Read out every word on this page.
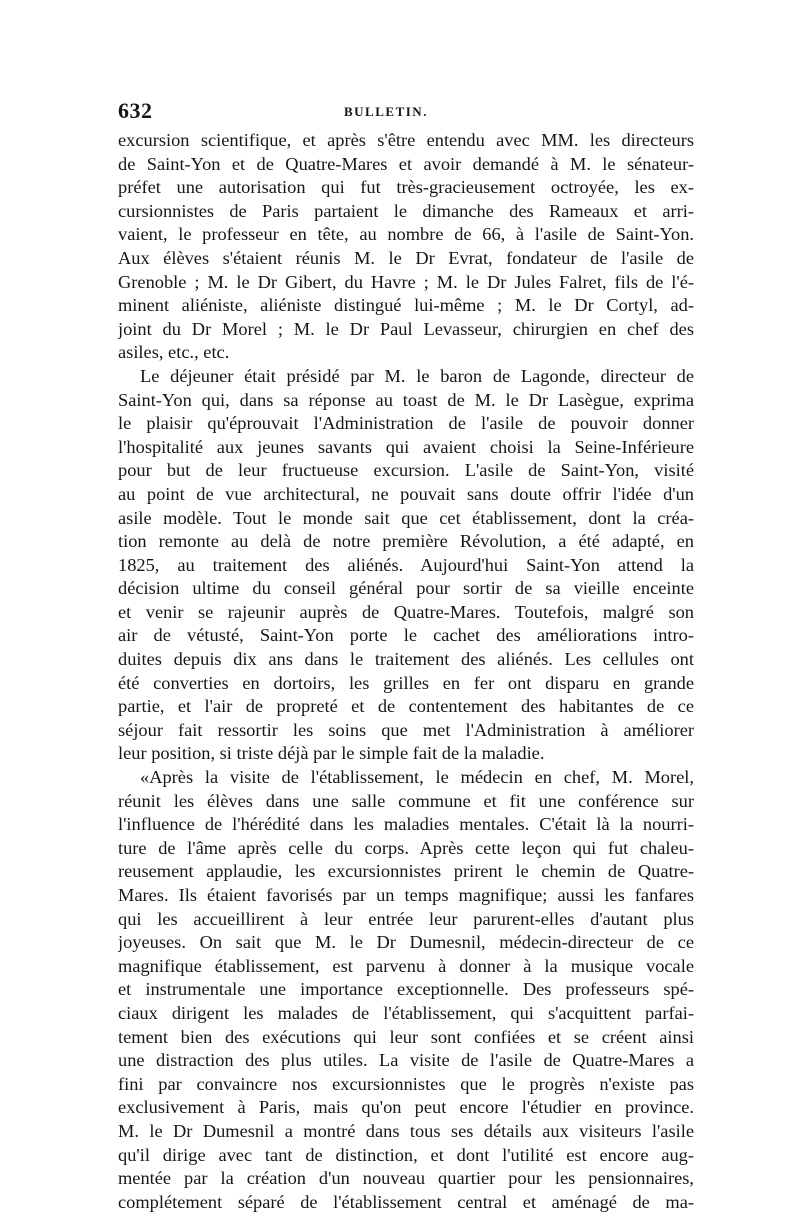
632	BULLETIN.
excursion scientifique, et après s'être entendu avec MM. les directeurs
de Saint-Yon et de Quatre-Mares et avoir demandé à M. le sénateur-
préfet une autorisation qui fut très-gracieusement octroyée, les ex-
cursionnistes de Paris partaient le dimanche des Rameaux et arri-
vaient, le professeur en tête, au nombre de 66, à l'asile de Saint-Yon.
Aux élèves s'étaient réunis M. le Dr Evrat, fondateur de l'asile de
Grenoble ; M. le Dr Gibert, du Havre ; M. le Dr Jules Falret, fils de l'é-
minent aliéniste, aliéniste distingué lui-même ; M. le Dr Cortyl, ad-
joint du Dr Morel ; M. le Dr Paul Levasseur, chirurgien en chef des
asiles, etc., etc.
Le déjeuner était présidé par M. le baron de Lagonde, directeur de
Saint-Yon qui, dans sa réponse au toast de M. le Dr Lasègue, exprima
le plaisir qu'éprouvait l'Administration de l'asile de pouvoir donner
l'hospitalité aux jeunes savants qui avaient choisi la Seine-Inférieure
pour but de leur fructueuse excursion. L'asile de Saint-Yon, visité
au point de vue architectural, ne pouvait sans doute offrir l'idée d'un
asile modèle. Tout le monde sait que cet établissement, dont la créa-
tion remonte au delà de notre première Révolution, a été adapté, en
1825, au traitement des aliénés. Aujourd'hui Saint-Yon attend la
décision ultime du conseil général pour sortir de sa vieille enceinte
et venir se rajeunir auprès de Quatre-Mares. Toutefois, malgré son
air de vétusté, Saint-Yon porte le cachet des améliorations intro-
duites depuis dix ans dans le traitement des aliénés. Les cellules ont
été converties en dortoirs, les grilles en fer ont disparu en grande
partie, et l'air de propreté et de contentement des habitantes de ce
séjour fait ressortir les soins que met l'Administration à améliorer
leur position, si triste déjà par le simple fait de la maladie.
«Après la visite de l'établissement, le médecin en chef, M. Morel,
réunit les élèves dans une salle commune et fit une conférence sur
l'influence de l'hérédité dans les maladies mentales. C'était là la nourri-
ture de l'âme après celle du corps. Après cette leçon qui fut chaleu-
reusement applaudie, les excursionnistes prirent le chemin de Quatre-
Mares. Ils étaient favorisés par un temps magnifique; aussi les fanfares
qui les accueillirent à leur entrée leur parurent-elles d'autant plus
joyeuses. On sait que M. le Dr Dumesnil, médecin-directeur de ce
magnifique établissement, est parvenu à donner à la musique vocale
et instrumentale une importance exceptionnelle. Des professeurs spé-
ciaux dirigent les malades de l'établissement, qui s'acquittent parfai-
tement bien des exécutions qui leur sont confiées et se créent ainsi
une distraction des plus utiles. La visite de l'asile de Quatre-Mares a
fini par convaincre nos excursionnistes que le progrès n'existe pas
exclusivement à Paris, mais qu'on peut encore l'étudier en province.
M. le Dr Dumesnil a montré dans tous ses détails aux visiteurs l'asile
qu'il dirige avec tant de distinction, et dont l'utilité est encore aug-
mentée par la création d'un nouveau quartier pour les pensionnaires,
complétement séparé de l'établissement central et aménagé de ma-
